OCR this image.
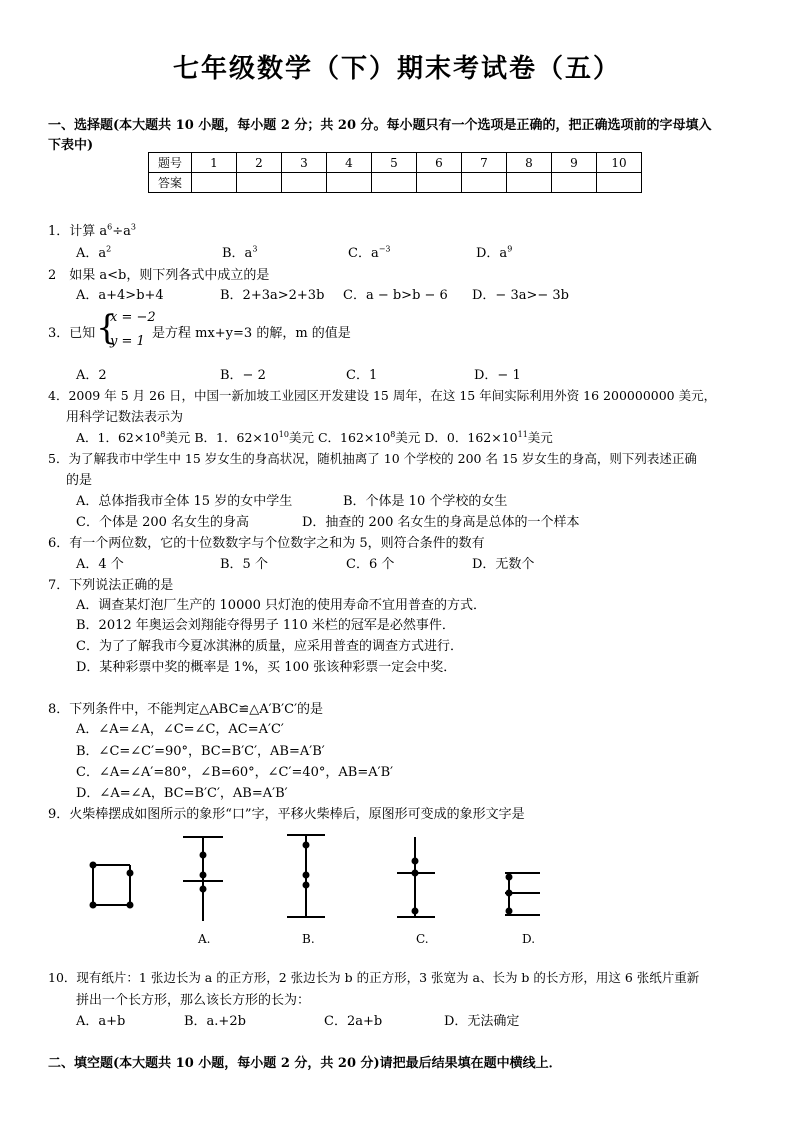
七年级数学（下）期末考试卷（五）
一、选择题(本大题共 10 小题，每小题 2 分；共 20 分。每小题只有一个选项是正确的，把正确选项前的字母填入
下表中)
题号	1	2	3	4	5	6	7	8	9	10
答案										
1．计算 $a^6\div a^3$
A．$a^2$	B．$a^3$	C．$a^{-3}$	D．$a^9$
2　如果 a<b，则下列各式中成立的是
A．a+4>b+4	B．2+3a>2+3b C．a − b>b − 6 D．− 3a>− 3b
3．已知 {
x = −2
y = 1
是方程 mx+y=3 的解，m 的值是
A．2	B．− 2	C．1	D．− 1
4．2009 年 5 月 26 日，中国一新加坡工业园区开发建设 15 周年，在这 15 年间实际利用外资 16 200000000 美元，
用科学记数法表示为
A．1．$62\times 10^8$美元 B．1．$62\times 10^{10}$美元 C．$162\times 10^8$美元 D．0．$162\times 10^{11}$美元
5．为了解我市中学生中 15 岁女生的身高状况，随机抽离了 10 个学校的 200 名 15 岁女生的身高，则下列表述正确
的是
A．总体指我市全体 15 岁的女中学生	B．个体是 10 个学校的女生
C．个体是 200 名女生的身高	D．抽查的 200 名女生的身高是总体的一个样本
6．有一个两位数，它的十位数数字与个位数字之和为 5，则符合条件的数有
A．4 个	B．5 个	C．6 个	D．无数个
7．下列说法正确的是
A．调查某灯泡厂生产的 10000 只灯泡的使用寿命不宜用普查的方式．
B．2012 年奥运会刘翔能夺得男子 110 米栏的冠军是必然事件．
C．为了了解我市今夏冰淇淋的质量，应采用普查的调查方式进行．
D．某种彩票中奖的概率是 1%，买 100 张该种彩票一定会中奖．
8．下列条件中，不能判定△ABC≌△A′B′C′的是
A．∠A=∠A，∠C=∠C，AC=A′C′
B．∠C=∠C′=90°，BC=B′C′，AB=A′B′
C．∠A=∠A′=80°，∠B=60°，∠C′=40°，AB=A′B′
D．∠A=∠A，BC=B′C′，AB=A′B′
9．火柴棒摆成如图所示的象形“口”字，平移火柴棒后，原图形可变成的象形文字是
A.	B.	C.	D.
10．现有纸片：1 张边长为 a 的正方形，2 张边长为 b 的正方形，3 张宽为 a、长为 b 的长方形，用这 6 张纸片重新
拼出一个长方形，那么该长方形的长为：
A．a+b	B．a.+2b	C．2a+b	D．无法确定
二、填空题(本大题共 10 小题，每小题 2 分，共 20 分)请把最后结果填在题中横线上．
